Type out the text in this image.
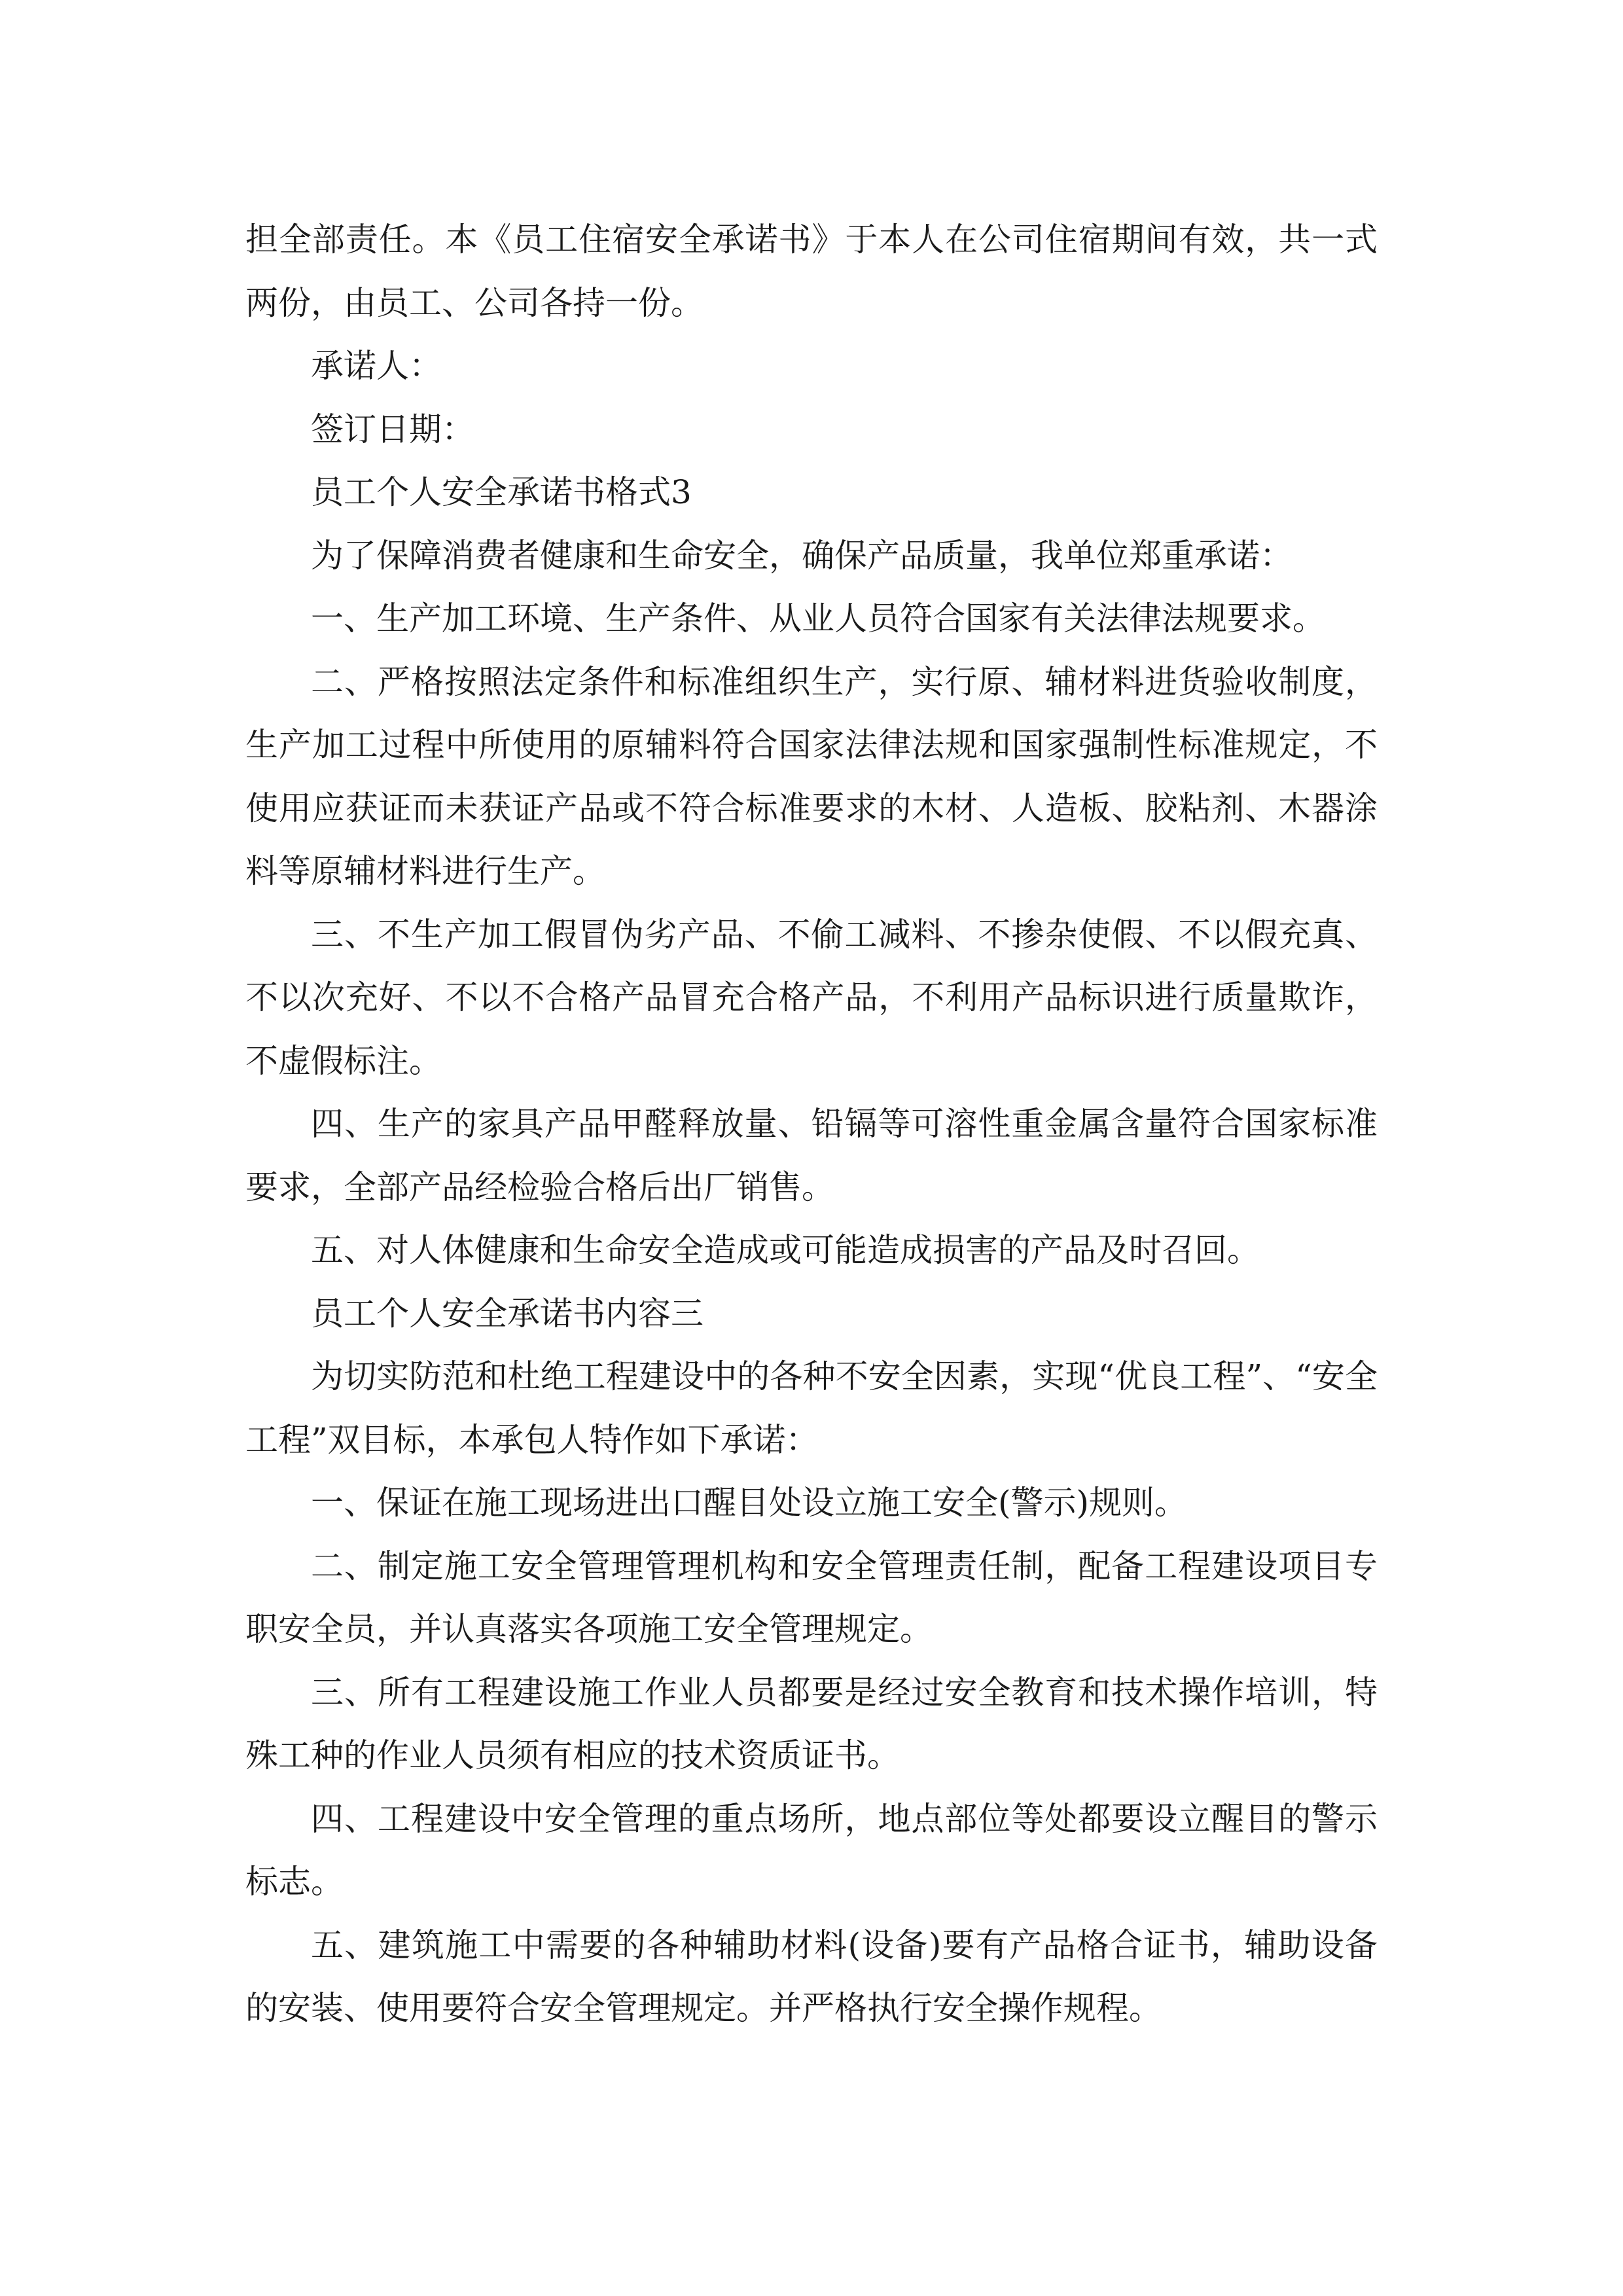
担全部责任。本《员工住宿安全承诺书》于本人在公司住宿期间有效，共一式两份，由员工、公司各持一份。

承诺人：

签订日期：

员工个人安全承诺书格式3

为了保障消费者健康和生命安全，确保产品质量，我单位郑重承诺：

一、生产加工环境、生产条件、从业人员符合国家有关法律法规要求。

二、严格按照法定条件和标准组织生产，实行原、辅材料进货验收制度，生产加工过程中所使用的原辅料符合国家法律法规和国家强制性标准规定，不使用应获证而未获证产品或不符合标准要求的木材、人造板、胶粘剂、木器涂料等原辅材料进行生产。

三、不生产加工假冒伪劣产品、不偷工减料、不掺杂使假、不以假充真、不以次充好、不以不合格产品冒充合格产品，不利用产品标识进行质量欺诈，不虚假标注。

四、生产的家具产品甲醛释放量、铅镉等可溶性重金属含量符合国家标准要求，全部产品经检验合格后出厂销售。

五、对人体健康和生命安全造成或可能造成损害的产品及时召回。

员工个人安全承诺书内容三

为切实防范和杜绝工程建设中的各种不安全因素，实现“优良工程”、“安全工程”双目标，本承包人特作如下承诺：

一、保证在施工现场进出口醒目处设立施工安全(警示)规则。

二、制定施工安全管理管理机构和安全管理责任制，配备工程建设项目专职安全员，并认真落实各项施工安全管理规定。

三、所有工程建设施工作业人员都要是经过安全教育和技术操作培训，特殊工种的作业人员须有相应的技术资质证书。

四、工程建设中安全管理的重点场所，地点部位等处都要设立醒目的警示标志。

五、建筑施工中需要的各种辅助材料(设备)要有产品格合证书，辅助设备的安装、使用要符合安全管理规定。并严格执行安全操作规程。
